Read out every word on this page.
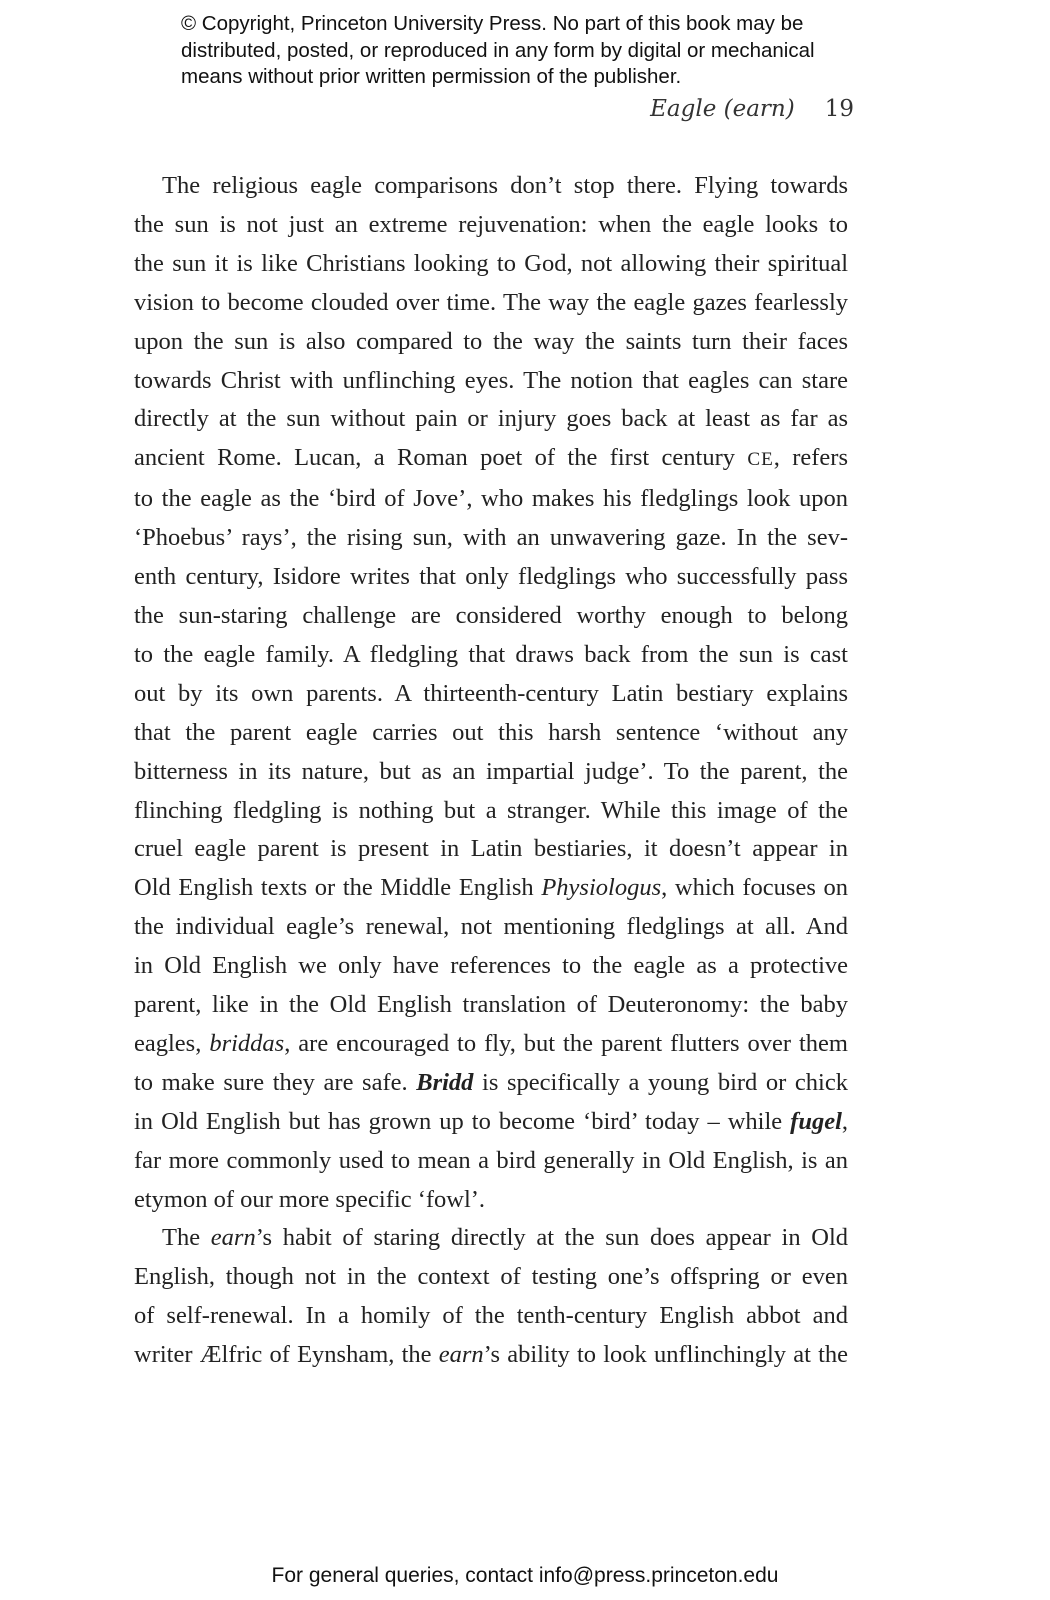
© Copyright, Princeton University Press. No part of this book may be
distributed, posted, or reproduced in any form by digital or mechanical
means without prior written permission of the publisher.
Eagle (earn) 19

The religious eagle comparisons don’t stop there. Flying towards
the sun is not just an extreme rejuvenation: when the eagle looks to
the sun it is like Christians looking to God, not allowing their spiritual
vision to become clouded over time. The way the eagle gazes fearlessly
upon the sun is also compared to the way the saints turn their faces
towards Christ with unflinching eyes. The notion that eagles can stare
directly at the sun without pain or injury goes back at least as far as
ancient Rome. Lucan, a Roman poet of the first century CE, refers
to the eagle as the ‘bird of Jove’, who makes his fledglings look upon
‘Phoebus’ rays’, the rising sun, with an unwavering gaze. In the sev-
enth century, Isidore writes that only fledglings who successfully pass
the sun-staring challenge are considered worthy enough to belong
to the eagle family. A fledgling that draws back from the sun is cast
out by its own parents. A thirteenth-century Latin bestiary explains
that the parent eagle carries out this harsh sentence ‘without any
bitterness in its nature, but as an impartial judge’. To the parent, the
flinching fledgling is nothing but a stranger. While this image of the
cruel eagle parent is present in Latin bestiaries, it doesn’t appear in
Old English texts or the Middle English Physiologus, which focuses on
the individual eagle’s renewal, not mentioning fledglings at all. And
in Old English we only have references to the eagle as a protective
parent, like in the Old English translation of Deuteronomy: the baby
eagles, briddas, are encouraged to fly, but the parent flutters over them
to make sure they are safe. Bridd is specifically a young bird or chick
in Old English but has grown up to become ‘bird’ today – while fugel,
far more commonly used to mean a bird generally in Old English, is an
etymon of our more specific ‘fowl’.

The earn’s habit of staring directly at the sun does appear in Old
English, though not in the context of testing one’s offspring or even
of self-renewal. In a homily of the tenth-century English abbot and
writer Ælfric of Eynsham, the earn’s ability to look unflinchingly at the

For general queries, contact info@press.princeton.edu
